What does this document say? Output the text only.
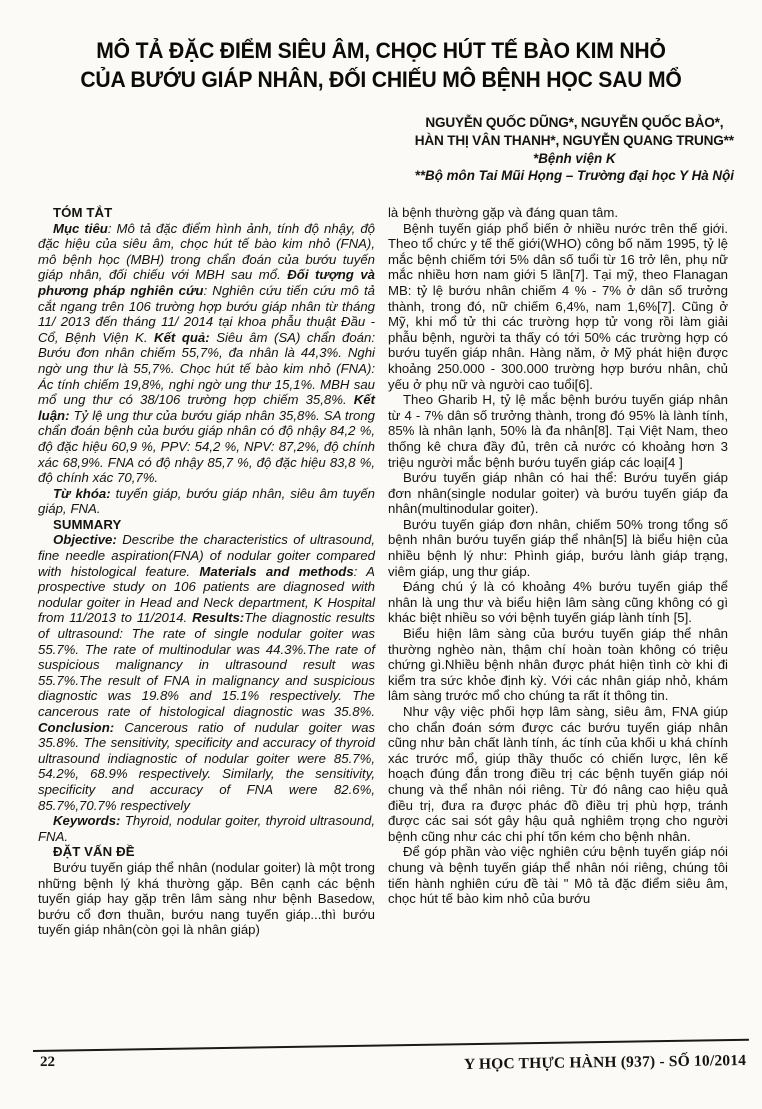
MÔ TẢ ĐẶC ĐIỂM SIÊU ÂM, CHỌC HÚT TẾ BÀO KIM NHỎ
CỦA BƯỚU GIÁP NHÂN, ĐỐI CHIẾU MÔ BỆNH HỌC SAU MỔ
NGUYỄN QUỐC DŨNG*, NGUYỄN QUỐC BẢO*,
HÀN THỊ VÂN THANH*, NGUYỄN QUANG TRUNG**
*Bệnh viện K
**Bộ môn Tai Mũi Họng – Trường đại học Y Hà Nội
TÓM TẮT

Mục tiêu: Mô tả đặc điểm hình ảnh, tính độ nhậy, độ đặc hiệu của siêu âm, chọc hút tế bào kim nhỏ (FNA), mô bệnh học (MBH) trong chẩn đoán của bướu tuyến giáp nhân, đối chiếu với MBH sau mổ. Đối tượng và phương pháp nghiên cứu: Nghiên cứu tiến cứu mô tả cắt ngang trên 106 trường hợp bướu giáp nhân từ tháng 11/ 2013 đến tháng 11/ 2014 tại khoa phẫu thuật Đầu - Cổ, Bệnh Viện K. Kết quả: Siêu âm (SA) chẩn đoán: Bướu đơn nhân chiếm 55,7%, đa nhân là 44,3%. Nghi ngờ ung thư là 55,7%. Chọc hút tế bào kim nhỏ (FNA): Ác tính chiếm 19,8%, nghi ngờ ung thư 15,1%. MBH sau mổ ung thư có 38/106 trường hợp chiếm 35,8%. Kết luận: Tỷ lệ ung thư của bướu giáp nhân 35,8%. SA trong chẩn đoán bệnh của bướu giáp nhân có độ nhậy 84,2 %, độ đặc hiệu 60,9 %, PPV: 54,2 %, NPV: 87,2%, độ chính xác 68,9%. FNA có độ nhậy 85,7 %, độ đặc hiệu 83,8 %, độ chính xác 70,7%.

Từ khóa: tuyến giáp, bướu giáp nhân, siêu âm tuyến giáp, FNA.

SUMMARY

Objective: Describe the characteristics of ultrasound, fine needle aspiration(FNA) of nodular goiter compared with histological feature. Materials and methods: A prospective study on 106 patients are diagnosed with nodular goiter in Head and Neck department, K Hospital from 11/2013 to 11/2014. Results:The diagnostic results of ultrasound: The rate of single nodular goiter was 55.7%. The rate of multinodular was 44.3%.The rate of suspicious malignancy in ultrasound result was 55.7%.The result of FNA in malignancy and suspicious diagnostic was 19.8% and 15.1% respectively. The cancerous rate of histological diagnostic was 35.8%. Conclusion: Cancerous ratio of nudular goiter was 35.8%. The sensitivity, specificity and accuracy of thyroid ultrasound indiagnostic of nodular goiter were 85.7%, 54.2%, 68.9% respectively. Similarly, the sensitivity, specificity and accuracy of FNA were 82.6%, 85.7%,70.7% respectively

Keywords: Thyroid, nodular goiter, thyroid ultrasound, FNA.

ĐẶT VẤN ĐỀ

Bướu tuyến giáp thể nhân (nodular goiter) là một trong những bệnh lý khá thường gặp. Bên cạnh các bệnh tuyến giáp hay gặp trên lâm sàng như bệnh Basedow, bướu cổ đơn thuần, bướu nang tuyến giáp...thì bướu tuyến giáp nhân(còn gọi là nhân giáp)

là bệnh thường gặp và đáng quan tâm.

Bệnh tuyến giáp phổ biến ở nhiều nước trên thế giới. Theo tổ chức y tế thế giới(WHO) công bố năm 1995, tỷ lệ mắc bệnh chiếm tới 5% dân số tuổi từ 16 trở lên, phụ nữ mắc nhiều hơn nam giới 5 lần[7]. Tại mỹ, theo Flanagan MB: tỷ lệ bướu nhân chiếm 4 % - 7% ở dân số trưởng thành, trong đó, nữ chiếm 6,4%, nam 1,6%[7]. Cũng ở Mỹ, khi mổ tử thi các trường hợp tử vong rồi làm giải phẫu bệnh, người ta thấy có tới 50% các trường hợp có bướu tuyến giáp nhân. Hàng năm, ở Mỹ phát hiện được khoảng 250.000 - 300.000 trường hợp bướu nhân, chủ yếu ở phụ nữ và người cao tuổi[6].

Theo Gharib H, tỷ lệ mắc bệnh bướu tuyến giáp nhân từ 4 - 7% dân số trưởng thành, trong đó 95% là lành tính, 85% là nhân lạnh, 50% là đa nhân[8]. Tại Việt Nam, theo thống kê chưa đầy đủ, trên cả nước có khoảng hơn 3 triệu người mắc bệnh bướu tuyến giáp các loại[4 ]

Bướu tuyến giáp nhân có hai thể: Bướu tuyến giáp đơn nhân(single nodular goiter) và bướu tuyến giáp đa nhân(multinodular goiter).

Bướu tuyến giáp đơn nhân, chiếm 50% trong tổng số bệnh nhân bướu tuyến giáp thể nhân[5] là biểu hiện của nhiều bệnh lý như: Phình giáp, bướu lành giáp trạng, viêm giáp, ung thư giáp.

Đáng chú ý là có khoảng 4% bướu tuyến giáp thể nhân là ung thư và biểu hiện lâm sàng cũng không có gì khác biệt nhiều so với bệnh tuyến giáp lành tính [5].

Biểu hiện lâm sàng của bướu tuyến giáp thể nhân thường nghèo nàn, thậm chí hoàn toàn không có triệu chứng gì.Nhiều bệnh nhân được phát hiện tình cờ khi đi kiểm tra sức khỏe định kỳ. Với các nhân giáp nhỏ, khám lâm sàng trước mổ cho chúng ta rất ít thông tin.

Như vậy việc phối hợp lâm sàng, siêu âm, FNA giúp cho chẩn đoán sớm được các bướu tuyến giáp nhân cũng như bản chất lành tính, ác tính của khối u khá chính xác trước mổ, giúp thầy thuốc có chiến lược, lên kế hoạch đúng đắn trong điều trị các bệnh tuyến giáp nói chung và thể nhân nói riêng. Từ đó nâng cao hiệu quả điều trị, đưa ra được phác đồ điều trị phù hợp, tránh được các sai sót gây hậu quả nghiêm trọng cho người bệnh cũng như các chi phí tốn kém cho bệnh nhân.

Để góp phần vào việc nghiên cứu bệnh tuyến giáp nói chung và bệnh tuyến giáp thể nhân nói riêng, chúng tôi tiến hành nghiên cứu đề tài " Mô tả đặc điểm siêu âm, chọc hút tế bào kim nhỏ của bướu

22	Y HỌC THỰC HÀNH (937) - SỐ 10/2014
